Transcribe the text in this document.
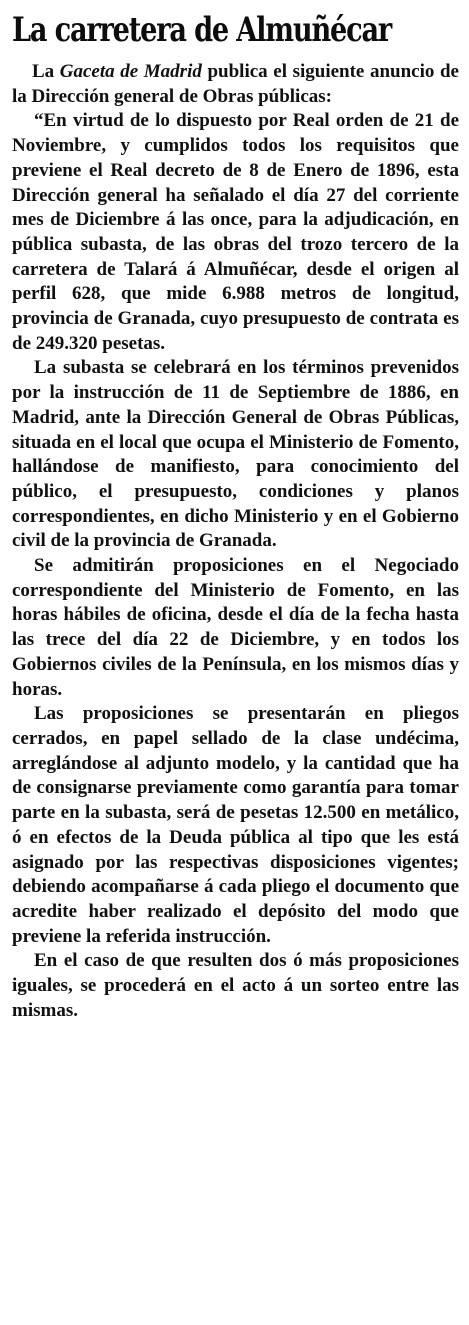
La carretera de Almuñécar

La Gaceta de Madrid publica el siguiente anuncio de la Dirección general de Obras públicas:

“En virtud de lo dispuesto por Real orden de 21 de Noviembre, y cumplidos todos los requisitos que previene el Real decreto de 8 de Enero de 1896, esta Dirección general ha señalado el día 27 del corriente mes de Diciembre á las once, para la adjudicación, en pública subasta, de las obras del trozo tercero de la carretera de Talará á Almuñécar, desde el origen al perfil 628, que mide 6.988 metros de longitud, provincia de Granada, cuyo presupuesto de contrata es de 249.320 pesetas.

La subasta se celebrará en los términos prevenidos por la instrucción de 11 de Septiembre de 1886, en Madrid, ante la Dirección General de Obras Públicas, situada en el local que ocupa el Ministerio de Fomento, hallándose de manifiesto, para conocimiento del público, el presupuesto, condiciones y planos correspondientes, en dicho Ministerio y en el Gobierno civil de la provincia de Granada.

Se admitirán proposiciones en el Negociado correspondiente del Ministerio de Fomento, en las horas hábiles de oficina, desde el día de la fecha hasta las trece del día 22 de Diciembre, y en todos los Gobiernos civiles de la Península, en los mismos días y horas.

Las proposiciones se presentarán en pliegos cerrados, en papel sellado de la clase undécima, arreglándose al adjunto modelo, y la cantidad que ha de consignarse previamente como garantía para tomar parte en la subasta, será de pesetas 12.500 en metálico, ó en efectos de la Deuda pública al tipo que les está asignado por las respectivas disposiciones vigentes; debiendo acompañarse á cada pliego el documento que acredite haber realizado el depósito del modo que previene la referida instrucción.

En el caso de que resulten dos ó más proposiciones iguales, se procederá en el acto á un sorteo entre las mismas.
